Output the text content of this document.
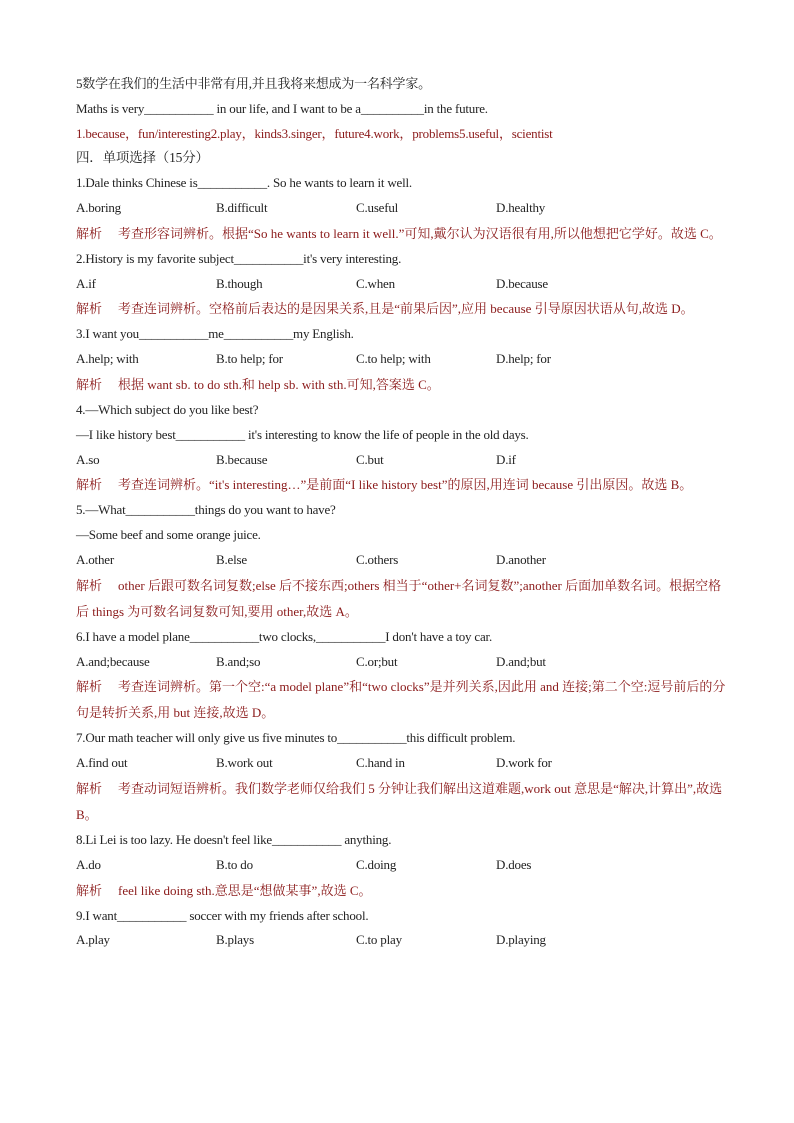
5数学在我们的生活中非常有用,并且我将来想成为一名科学家。
Maths is very___________ in our life, and I want to be a__________in the future.
1.because，fun/interesting2.play，kinds3.singer，future4.work，problems5.useful，scientist
四．单项选择（15分）
1.Dale thinks Chinese is___________. So he wants to learn it well.
A.boring	B.difficult	C.useful	D.healthy
解析 考查形容词辨析。根据“So he wants to learn it well.”可知,戴尔认为汉语很有用,所以他想把它学好。故选 C。
2.History is my favorite subject___________it's very interesting.
A.if	B.though	C.when	D.because
解析 考查连词辨析。空格前后表达的是因果关系,且是“前果后因”,应用 because 引导原因状语从句,故选 D。
3.I want you___________me___________my English.
A.help; with	B.to help; for	C.to help; with	D.help; for
解析 根据 want sb. to do sth.和 help sb. with sth.可知,答案选 C。
4.—Which subject do you like best?
—I like history best___________ it's interesting to know the life of people in the old days.
A.so	B.because	C.but	D.if
解析 考查连词辨析。“it's interesting…”是前面“I like history best”的原因,用连词 because 引出原因。故选 B。
5.—What___________things do you want to have?
—Some beef and some orange juice.
A.other	B.else	C.others	D.another
解析 other 后跟可数名词复数;else 后不接东西;others 相当于“other+名词复数”;another 后面加单数名词。根据空格后 things 为可数名词复数可知,要用 other,故选 A。
6.I have a model plane___________two clocks,___________I don't have a toy car.
A.and;because	B.and;so	C.or;but	D.and;but
解析 考查连词辨析。第一个空:“a model plane”和“two clocks”是并列关系,因此用 and 连接;第二个空:逗号前后的分句是转折关系,用 but 连接,故选 D。
7.Our math teacher will only give us five minutes to___________this difficult problem.
A.find out	B.work out	C.hand in	D.work for
解析 考查动词短语辨析。我们数学老师仅给我们 5 分钟让我们解出这道难题,work out 意思是“解决,计算出”,故选 B。
8.Li Lei is too lazy. He doesn't feel like___________ anything.
A.do	B.to do	C.doing	D.does
解析 feel like doing sth.意思是“想做某事”,故选 C。
9.I want___________ soccer with my friends after school.
A.play	B.plays	C.to play	D.playing
